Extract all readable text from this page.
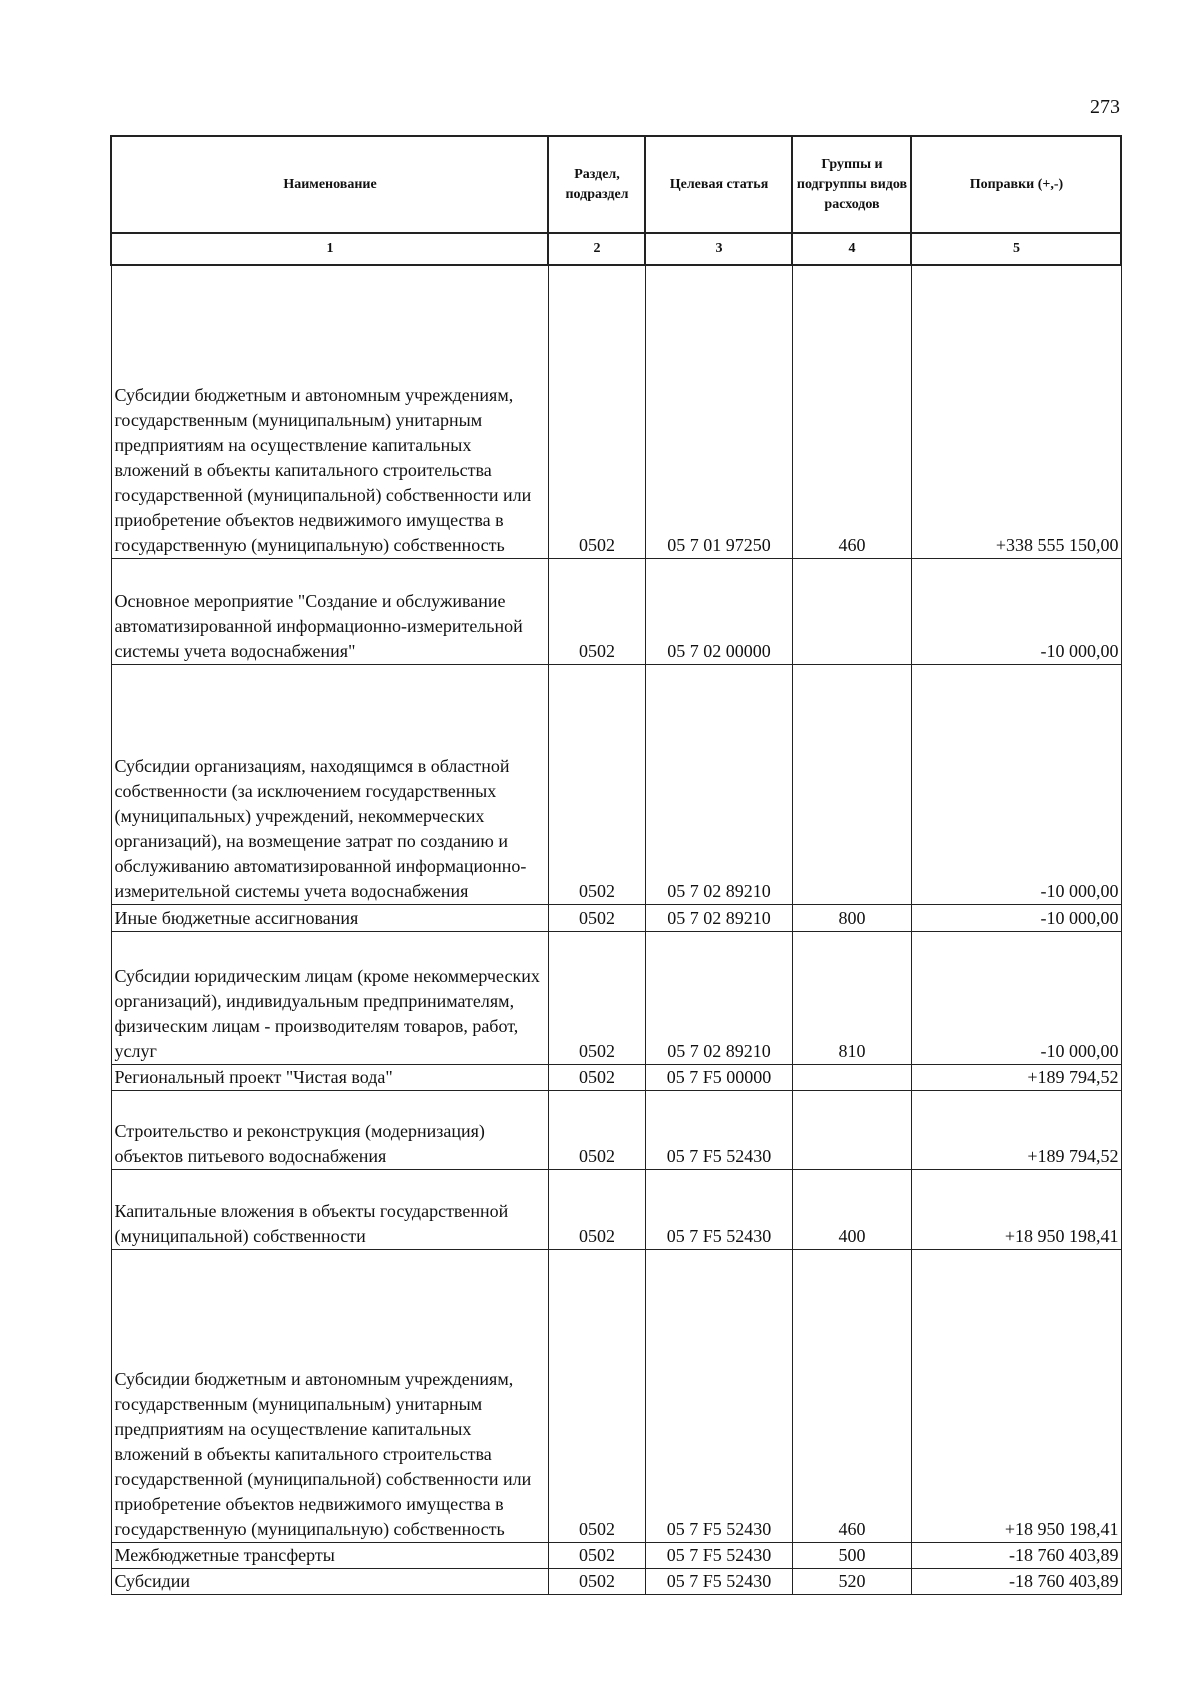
273
Наименование	Раздел, подраздел	Целевая статья	Группы и подгруппы видов расходов	Поправки (+,-)
1	2	3	4	5
Субсидии бюджетным и автономным учреждениям, государственным (муниципальным) унитарным предприятиям на осуществление капитальных вложений в объекты капитального строительства государственной (муниципальной) собственности или приобретение объектов недвижимого имущества в государственную (муниципальную) собственность	0502	05 7 01 97250	460	+338 555 150,00
Основное мероприятие "Создание и обслуживание автоматизированной информационно-измерительной системы учета водоснабжения"	0502	05 7 02 00000		-10 000,00
Субсидии организациям, находящимся в областной собственности (за исключением государственных (муниципальных) учреждений, некоммерческих организаций), на возмещение затрат по созданию и обслуживанию автоматизированной информационно-измерительной системы учета водоснабжения	0502	05 7 02 89210		-10 000,00
Иные бюджетные ассигнования	0502	05 7 02 89210	800	-10 000,00
Субсидии юридическим лицам (кроме некоммерческих организаций), индивидуальным предпринимателям, физическим лицам - производителям товаров, работ, услуг	0502	05 7 02 89210	810	-10 000,00
Региональный проект "Чистая вода"	0502	05 7 F5 00000		+189 794,52
Строительство и реконструкция (модернизация) объектов питьевого водоснабжения	0502	05 7 F5 52430		+189 794,52
Капитальные вложения в объекты государственной (муниципальной) собственности	0502	05 7 F5 52430	400	+18 950 198,41
Субсидии бюджетным и автономным учреждениям, государственным (муниципальным) унитарным предприятиям на осуществление капитальных вложений в объекты капитального строительства государственной (муниципальной) собственности или приобретение объектов недвижимого имущества в государственную (муниципальную) собственность	0502	05 7 F5 52430	460	+18 950 198,41
Межбюджетные трансферты	0502	05 7 F5 52430	500	-18 760 403,89
Субсидии	0502	05 7 F5 52430	520	-18 760 403,89
